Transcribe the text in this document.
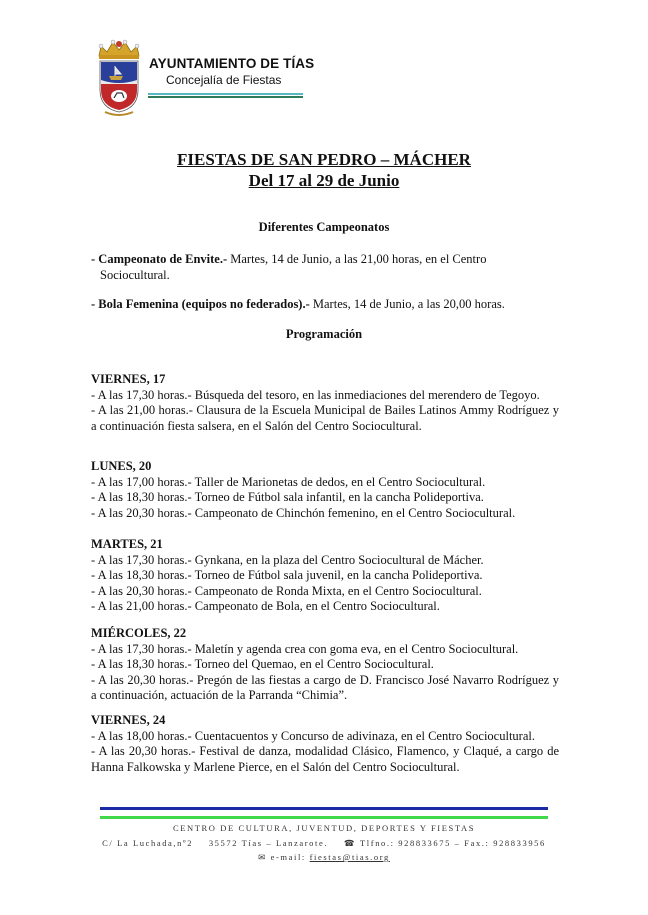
AYUNTAMIENTO DE TÍAS
Concejalía de Fiestas
FIESTAS DE SAN PEDRO – MÁCHER
Del 17 al 29 de Junio
Diferentes Campeonatos
- Campeonato de Envite.- Martes, 14 de Junio, a las 21,00 horas, en el Centro
Sociocultural.
- Bola Femenina (equipos no federados).- Martes, 14 de Junio, a las 20,00 horas.
Programación
VIERNES, 17
- A las 17,30 horas.- Búsqueda del tesoro, en las inmediaciones del merendero de Tegoyo.
- A las 21,00 horas.- Clausura de la Escuela Municipal de Bailes Latinos Ammy Rodríguez y a continuación fiesta salsera, en el Salón del Centro Sociocultural.
LUNES, 20
- A las 17,00 horas.- Taller de Marionetas de dedos, en el Centro Sociocultural.
- A las 18,30 horas.- Torneo de Fútbol sala infantil, en la cancha Polideportiva.
- A las 20,30 horas.- Campeonato de Chinchón femenino, en el Centro Sociocultural.
MARTES, 21
- A las 17,30 horas.- Gynkana, en la plaza del Centro Sociocultural de Mácher.
- A las 18,30 horas.- Torneo de Fútbol sala juvenil, en la cancha Polideportiva.
- A las 20,30 horas.- Campeonato de Ronda Mixta, en el Centro Sociocultural.
- A las 21,00 horas.- Campeonato de Bola, en el Centro Sociocultural.
MIÉRCOLES, 22
- A las 17,30 horas.- Maletín y agenda crea con goma eva, en el Centro Sociocultural.
- A las 18,30 horas.- Torneo del Quemao, en el Centro Sociocultural.
- A las 20,30 horas.- Pregón de las fiestas a cargo de D. Francisco José Navarro Rodríguez y a continuación, actuación de la Parranda “Chimia”.
VIERNES, 24
- A las 18,00 horas.- Cuentacuentos y Concurso de adivinaza, en el Centro Sociocultural.
- A las 20,30 horas.- Festival de danza, modalidad Clásico, Flamenco, y Claqué, a cargo de Hanna Falkowska y Marlene Pierce, en el Salón del Centro Sociocultural.
CENTRO DE CULTURA, JUVENTUD, DEPORTES Y FIESTAS
C/ La Luchada,nº2 35572 Tías – Lanzarote. ☎ Tlfno.: 928833675 – Fax.: 928833956
✉ e-mail: fiestas@tias.org
